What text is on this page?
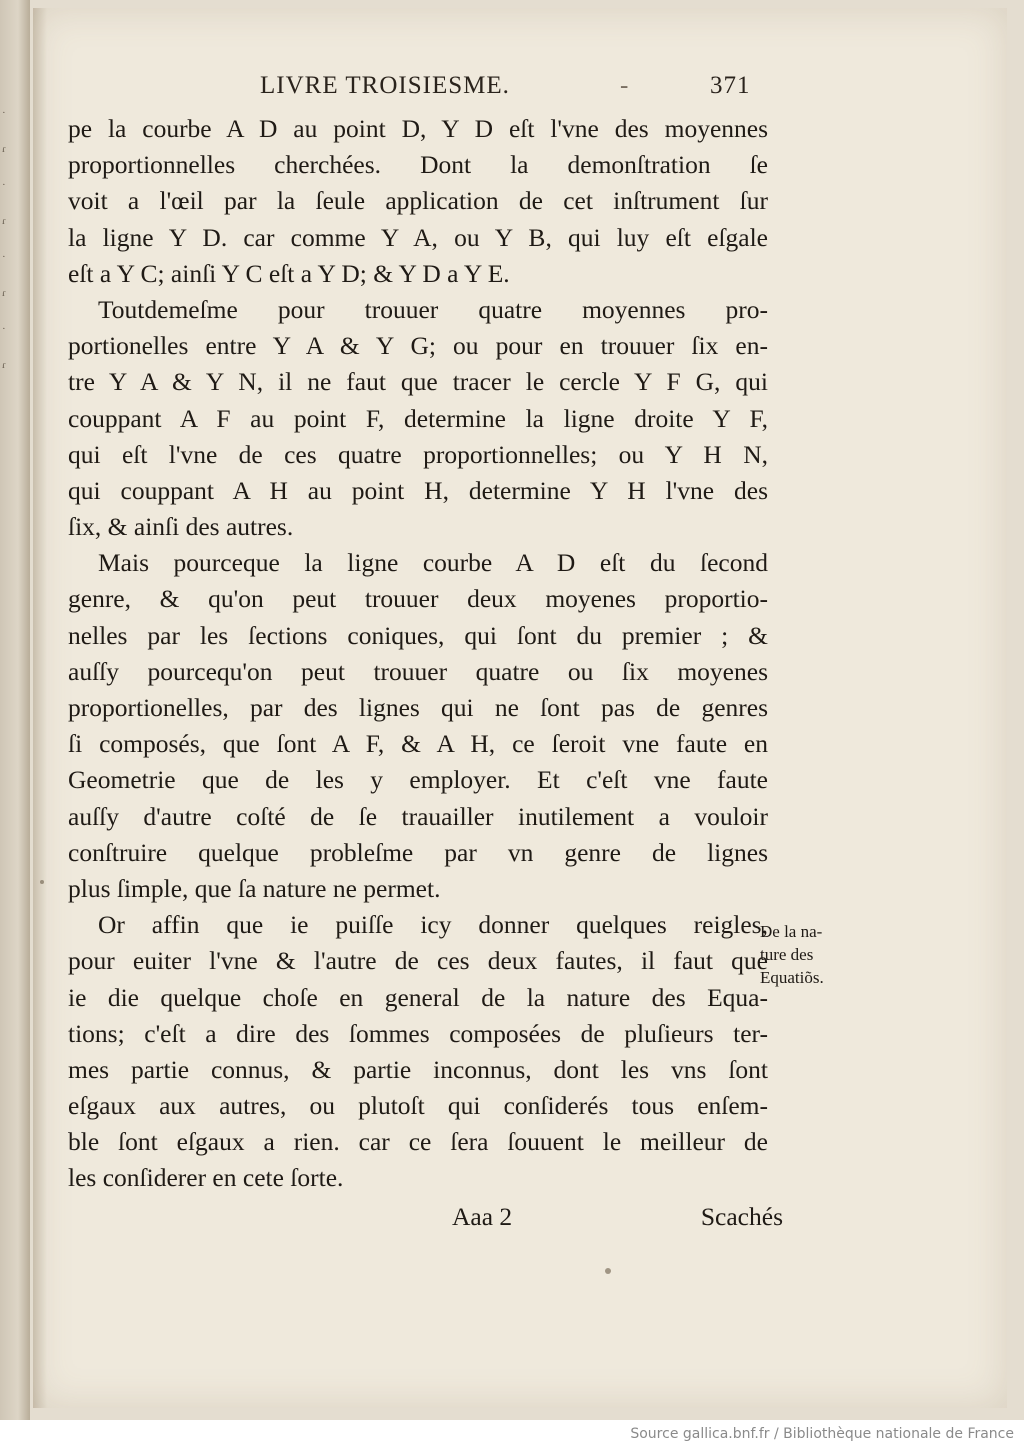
·
ɾ
·
ɾ
·
ɾ
·
ɾ
LIVRE TROISIESME.	-	371
pe la courbe A D au point D, Y D eſt l'vne des moyennes
proportionnelles cherchées. Dont la demonſtration ſe
voit a l'œil par la ſeule application de cet inſtrument ſur
la ligne Y D. car comme Y A, ou Y B, qui luy eſt eſgale
eſt a Y C; ainſi Y C eſt a Y D; & Y D a Y E.
Toutdemeſme pour trouuer quatre moyennes pro-
portionelles entre Y A & Y G; ou pour en trouuer ſix en-
tre Y A & Y N, il ne faut que tracer le cercle Y F G, qui
couppant A F au point F, determine la ligne droite Y F,
qui eſt l'vne de ces quatre proportionnelles; ou Y H N,
qui couppant A H au point H, determine Y H l'vne des
ſix, & ainſi des autres.
Mais pourceque la ligne courbe A D eſt du ſecond
genre, & qu'on peut trouuer deux moyenes proportio-
nelles par les ſections coniques, qui ſont du premier ; &
auſſy pourcequ'on peut trouuer quatre ou ſix moyenes
proportionelles, par des lignes qui ne ſont pas de genres
ſi composés, que ſont A F, & A H, ce ſeroit vne faute en
Geometrie que de les y employer. Et c'eſt vne faute
auſſy d'autre coſté de ſe trauailler inutilement a vouloir
conſtruire quelque probleſme par vn genre de lignes
plus ſimple, que ſa nature ne permet.
Or affin que ie puiſſe icy donner quelques reigles,
pour euiter l'vne & l'autre de ces deux fautes, il faut que
ie die quelque choſe en general de la nature des Equa-
tions; c'eſt a dire des ſommes composées de pluſieurs ter-
mes partie connus, & partie inconnus, dont les vns ſont
eſgaux aux autres, ou plutoſt qui conſiderés tous enſem-
ble ſont eſgaux a rien. car ce ſera ſouuent le meilleur de
les conſiderer en cete ſorte.
De la na-
ture des
Equatiõs.
Aaa 2	Scachés
Source gallica.bnf.fr / Bibliothèque nationale de France
